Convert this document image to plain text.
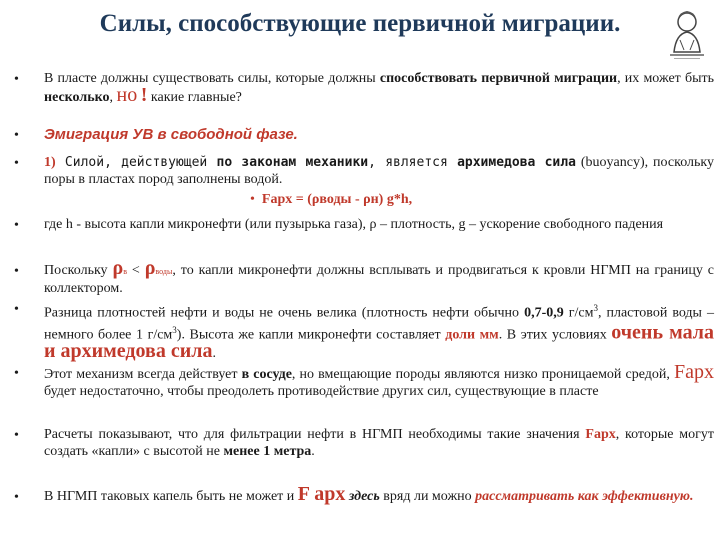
Силы, способствующие первичной миграции.
• В пласте должны существовать силы, которые должны способствовать первичной миграции, их может быть несколько, но ! какие главные?
• Эмиграция УВ в свободной фазе.
• 1) Силой, действующей по законам механики, является архимедова сила (buoyancy), поскольку поры в пластах пород заполнены водой.
• Fарх = (ρводы - ρн) g*h,
• где h - высота капли микронефти (или пузырька газа), ρ – плотность, g – ускорение свободного падения
• Поскольку ρв < ρводы, то капли микронефти должны всплывать и продвигаться к кровли НГМП на границу с коллектором.
• Разница плотностей нефти и воды не очень велика (плотность нефти обычно 0,7-0,9 $г/см^3$, пластовой воды – немного более 1 $г/см^3$). Высота же капли микронефти составляет доли мм. В этих условиях очень мала и архимедова сила.
• Этот механизм всегда действует в сосуде, но вмещающие породы являются низко проницаемой средой, Fарх будет недостаточно, чтобы преодолеть противодействие других сил, существующие в пласте
• Расчеты показывают, что для фильтрации нефти в НГМП необходимы такие значения Fарх, которые могут создать «капли» с высотой не менее 1 метра.
• В НГМП таковых капель быть не может и F арх здесь вряд ли можно рассматривать как эффективную.
